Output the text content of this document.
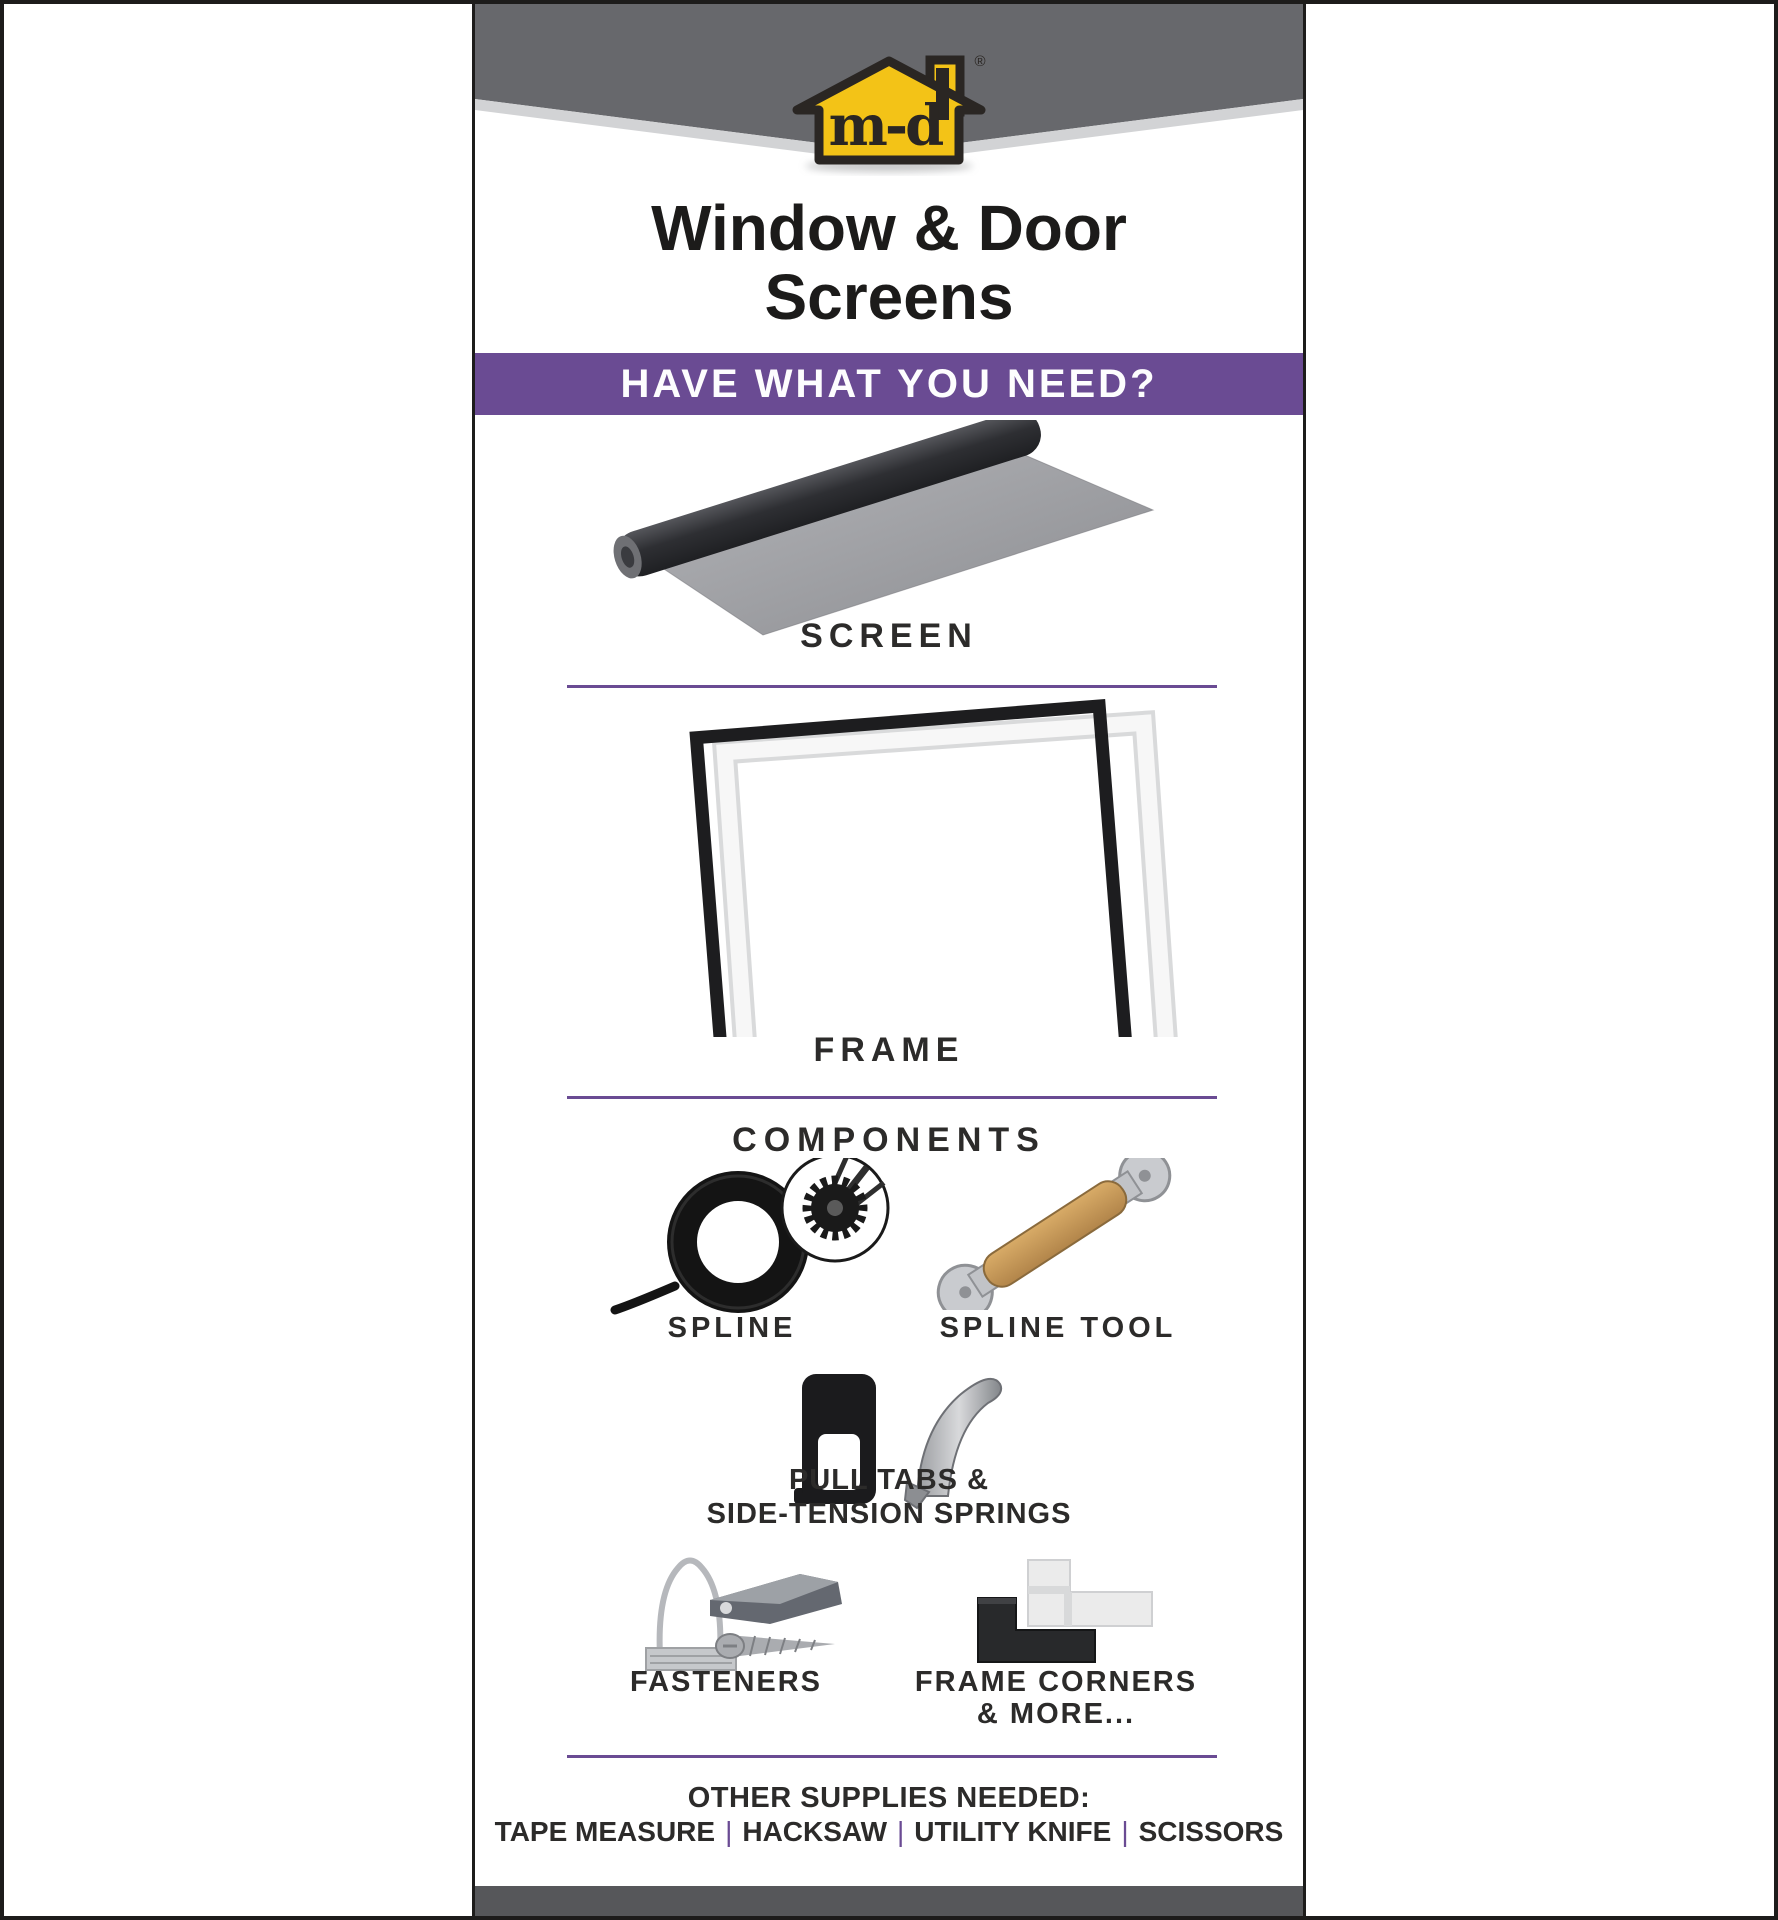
m-d
®
Window & Door
Screens
HAVE WHAT YOU NEED?
SCREEN
FRAME
COMPONENTS
SPLINE	SPLINE TOOL
PULL TABS &
SIDE-TENSION SPRINGS
FASTENERS	FRAME CORNERS
& MORE...
OTHER SUPPLIES NEEDED:
TAPE MEASURE | HACKSAW | UTILITY KNIFE | SCISSORS
